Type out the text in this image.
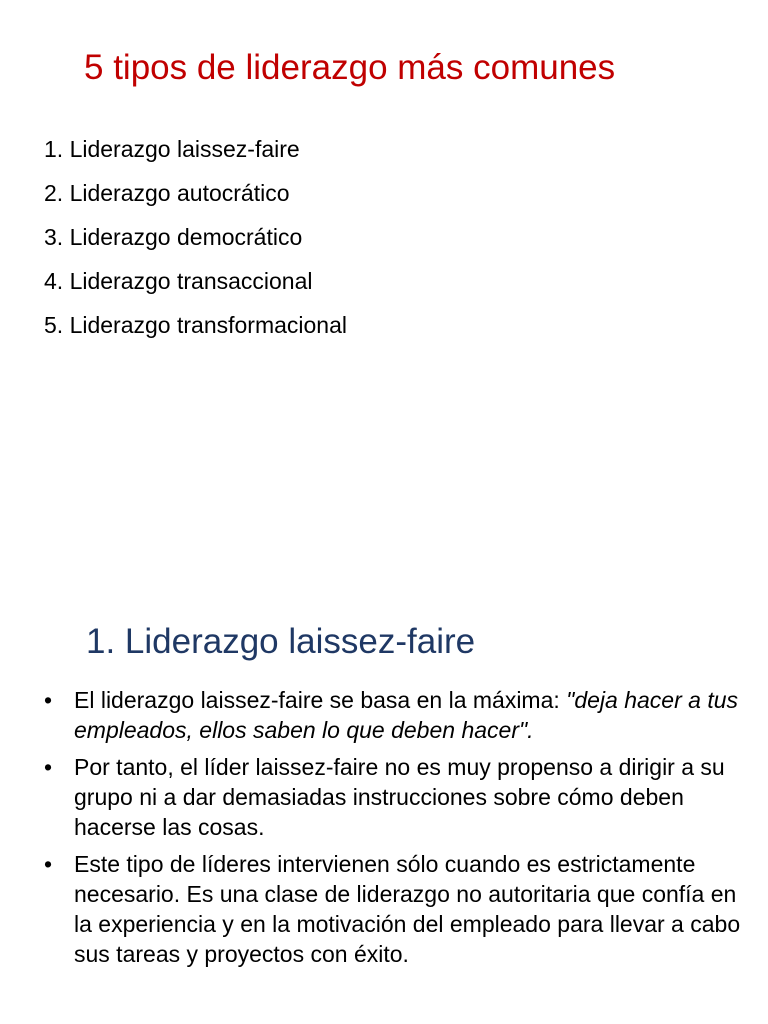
5 tipos de liderazgo más comunes
1. Liderazgo laissez-faire
2. Liderazgo autocrático
3. Liderazgo democrático
4. Liderazgo transaccional
5. Liderazgo transformacional
1. Liderazgo laissez-faire
• El liderazgo laissez-faire se basa en la máxima: "deja hacer a tus empleados, ellos saben lo que deben hacer".
• Por tanto, el líder laissez-faire no es muy propenso a dirigir a su grupo ni a dar demasiadas instrucciones sobre cómo deben hacerse las cosas.
• Este tipo de líderes intervienen sólo cuando es estrictamente necesario. Es una clase de liderazgo no autoritaria que confía en la experiencia y en la motivación del empleado para llevar a cabo sus tareas y proyectos con éxito.
